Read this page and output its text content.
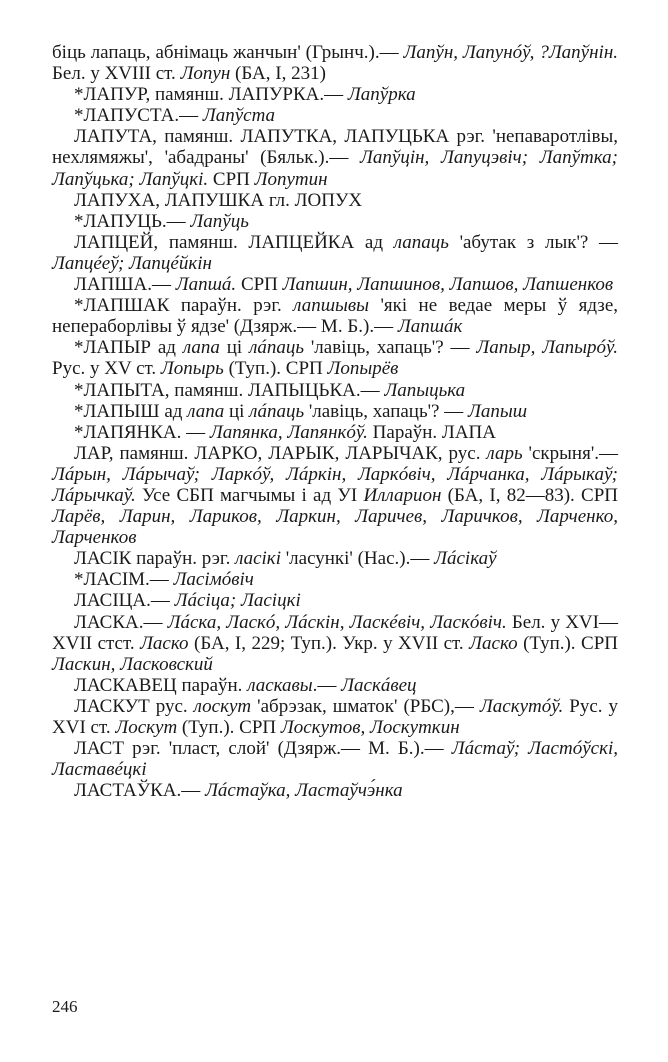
біць лапаць, абнімаць жанчын' (Грынч.).— Лапўн, Лапунóў, ?Лапўнін. Бел. у XVIII ст. Лопун (БА, I, 231)

*ЛАПУР, памянш. ЛАПУРКА.— Лапўрка

*ЛАПУСТА.— Лапўста

ЛАПУТА, памянш. ЛАПУТКА, ЛАПУЦЬКА рэг. 'непаваротлівы, нехлямяжы', 'абадраны' (Бяльк.).— Лапўцін, Лапуцэвіч; Лапўтка; Лапўцька; Лапўцкі. СРП Лопутин

ЛАПУХА, ЛАПУШКА гл. ЛОПУХ

*ЛАПУЦЬ.— Лапўць

ЛАПЦЕЙ, памянш. ЛАПЦЕЙКА ад лапаць 'абутак з лык'? — Лапцéеў; Лапцéйкін

ЛАПША.— Лапшá. СРП Лапшин, Лапшинов, Лапшов, Лапшенков

*ЛАПШАК параўн. рэг. лапшывы 'які не ведае меры ў ядзе, непераборлівы ў ядзе' (Дзярж.— М. Б.).— Лапшáк

*ЛАПЫР ад лапа ці лáпаць 'лавіць, хапаць'? — Лапыр, Лапырóў. Рус. у XV ст. Лопырь (Туп.). СРП Лопырёв

*ЛАПЫТА, памянш. ЛАПЫЦЬКА.— Лапыцька

*ЛАПЫШ ад лапа ці лáпаць 'лавіць, хапаць'? — Лапыш

*ЛАПЯНКА. — Лапянка, Лапянкóў. Параўн. ЛАПА

ЛАР, памянш. ЛАРКО, ЛАРЫК, ЛАРЫЧАК, рус. ларь 'скрыня'.—Лáрын, Лáрычаў; Ларкóў, Лáркін, Ларкóвіч, Лáрчанка, Лáрыкаў; Лáрычкаў. Усе СБП магчымы і ад УІ Илларион (БА, I, 82—83). СРП Ларёв, Ларин, Лариков, Ларкин, Ларичев, Ларичков, Ларченко, Ларченков

ЛАСІК параўн. рэг. ласікі 'ласункі' (Нас.).— Лáсікаў

*ЛАСІМ.— Ласімóвіч

ЛАСІЦА.— Лáсіца; Ласіцкі

ЛАСКА.— Лáска, Ласкó, Лáскін, Ласкéвіч, Ласкóвіч. Бел. у XVI—XVII стст. Ласко (БА, I, 229; Туп.). Укр. у XVII ст. Ласко (Туп.). СРП Ласкин, Ласковский

ЛАСКАВЕЦ параўн. ласкавы.— Ласкáвец

ЛАСКУТ рус. лоскут 'абрэзак, шматок' (РБС),— Ласкутóў. Рус. у XVI ст. Лоскут (Туп.). СРП Лоскутов, Лоскуткин

ЛАСТ рэг. 'пласт, слой' (Дзярж.— М. Б.).— Лáстаў; Ластóўскі, Ластавéцкі

ЛАСТАЎКА.— Лáстаўка, Ластаўчэ́нка

246
